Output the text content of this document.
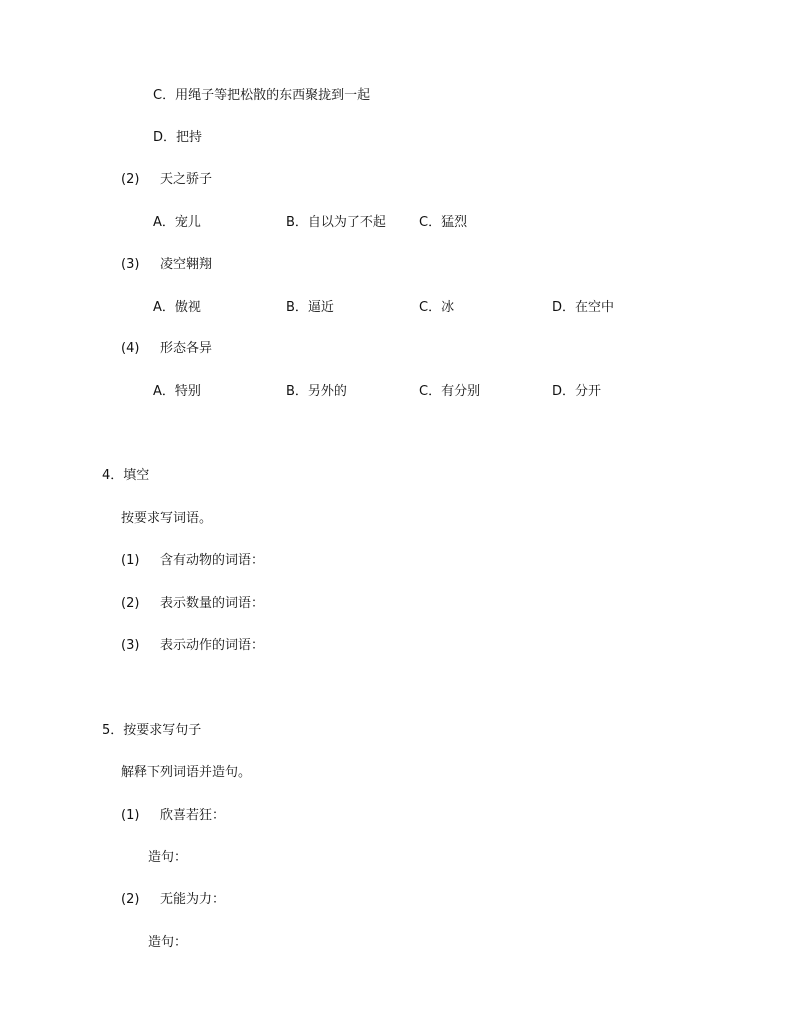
C．用绳子等把松散的东西聚拢到一起
D．把持
(2) 天之骄子
A．宠儿	B．自以为了不起	C．猛烈
(3) 凌空翱翔
A．傲视	B．逼近	C．冰	D．在空中
(4) 形态各异
A．特别	B．另外的	C．有分别	D．分开
4．填空
按要求写词语。
(1) 含有动物的词语：
(2) 表示数量的词语：
(3) 表示动作的词语：
5．按要求写句子
解释下列词语并造句。
(1) 欣喜若狂：
造句：
(2) 无能为力：
造句：
